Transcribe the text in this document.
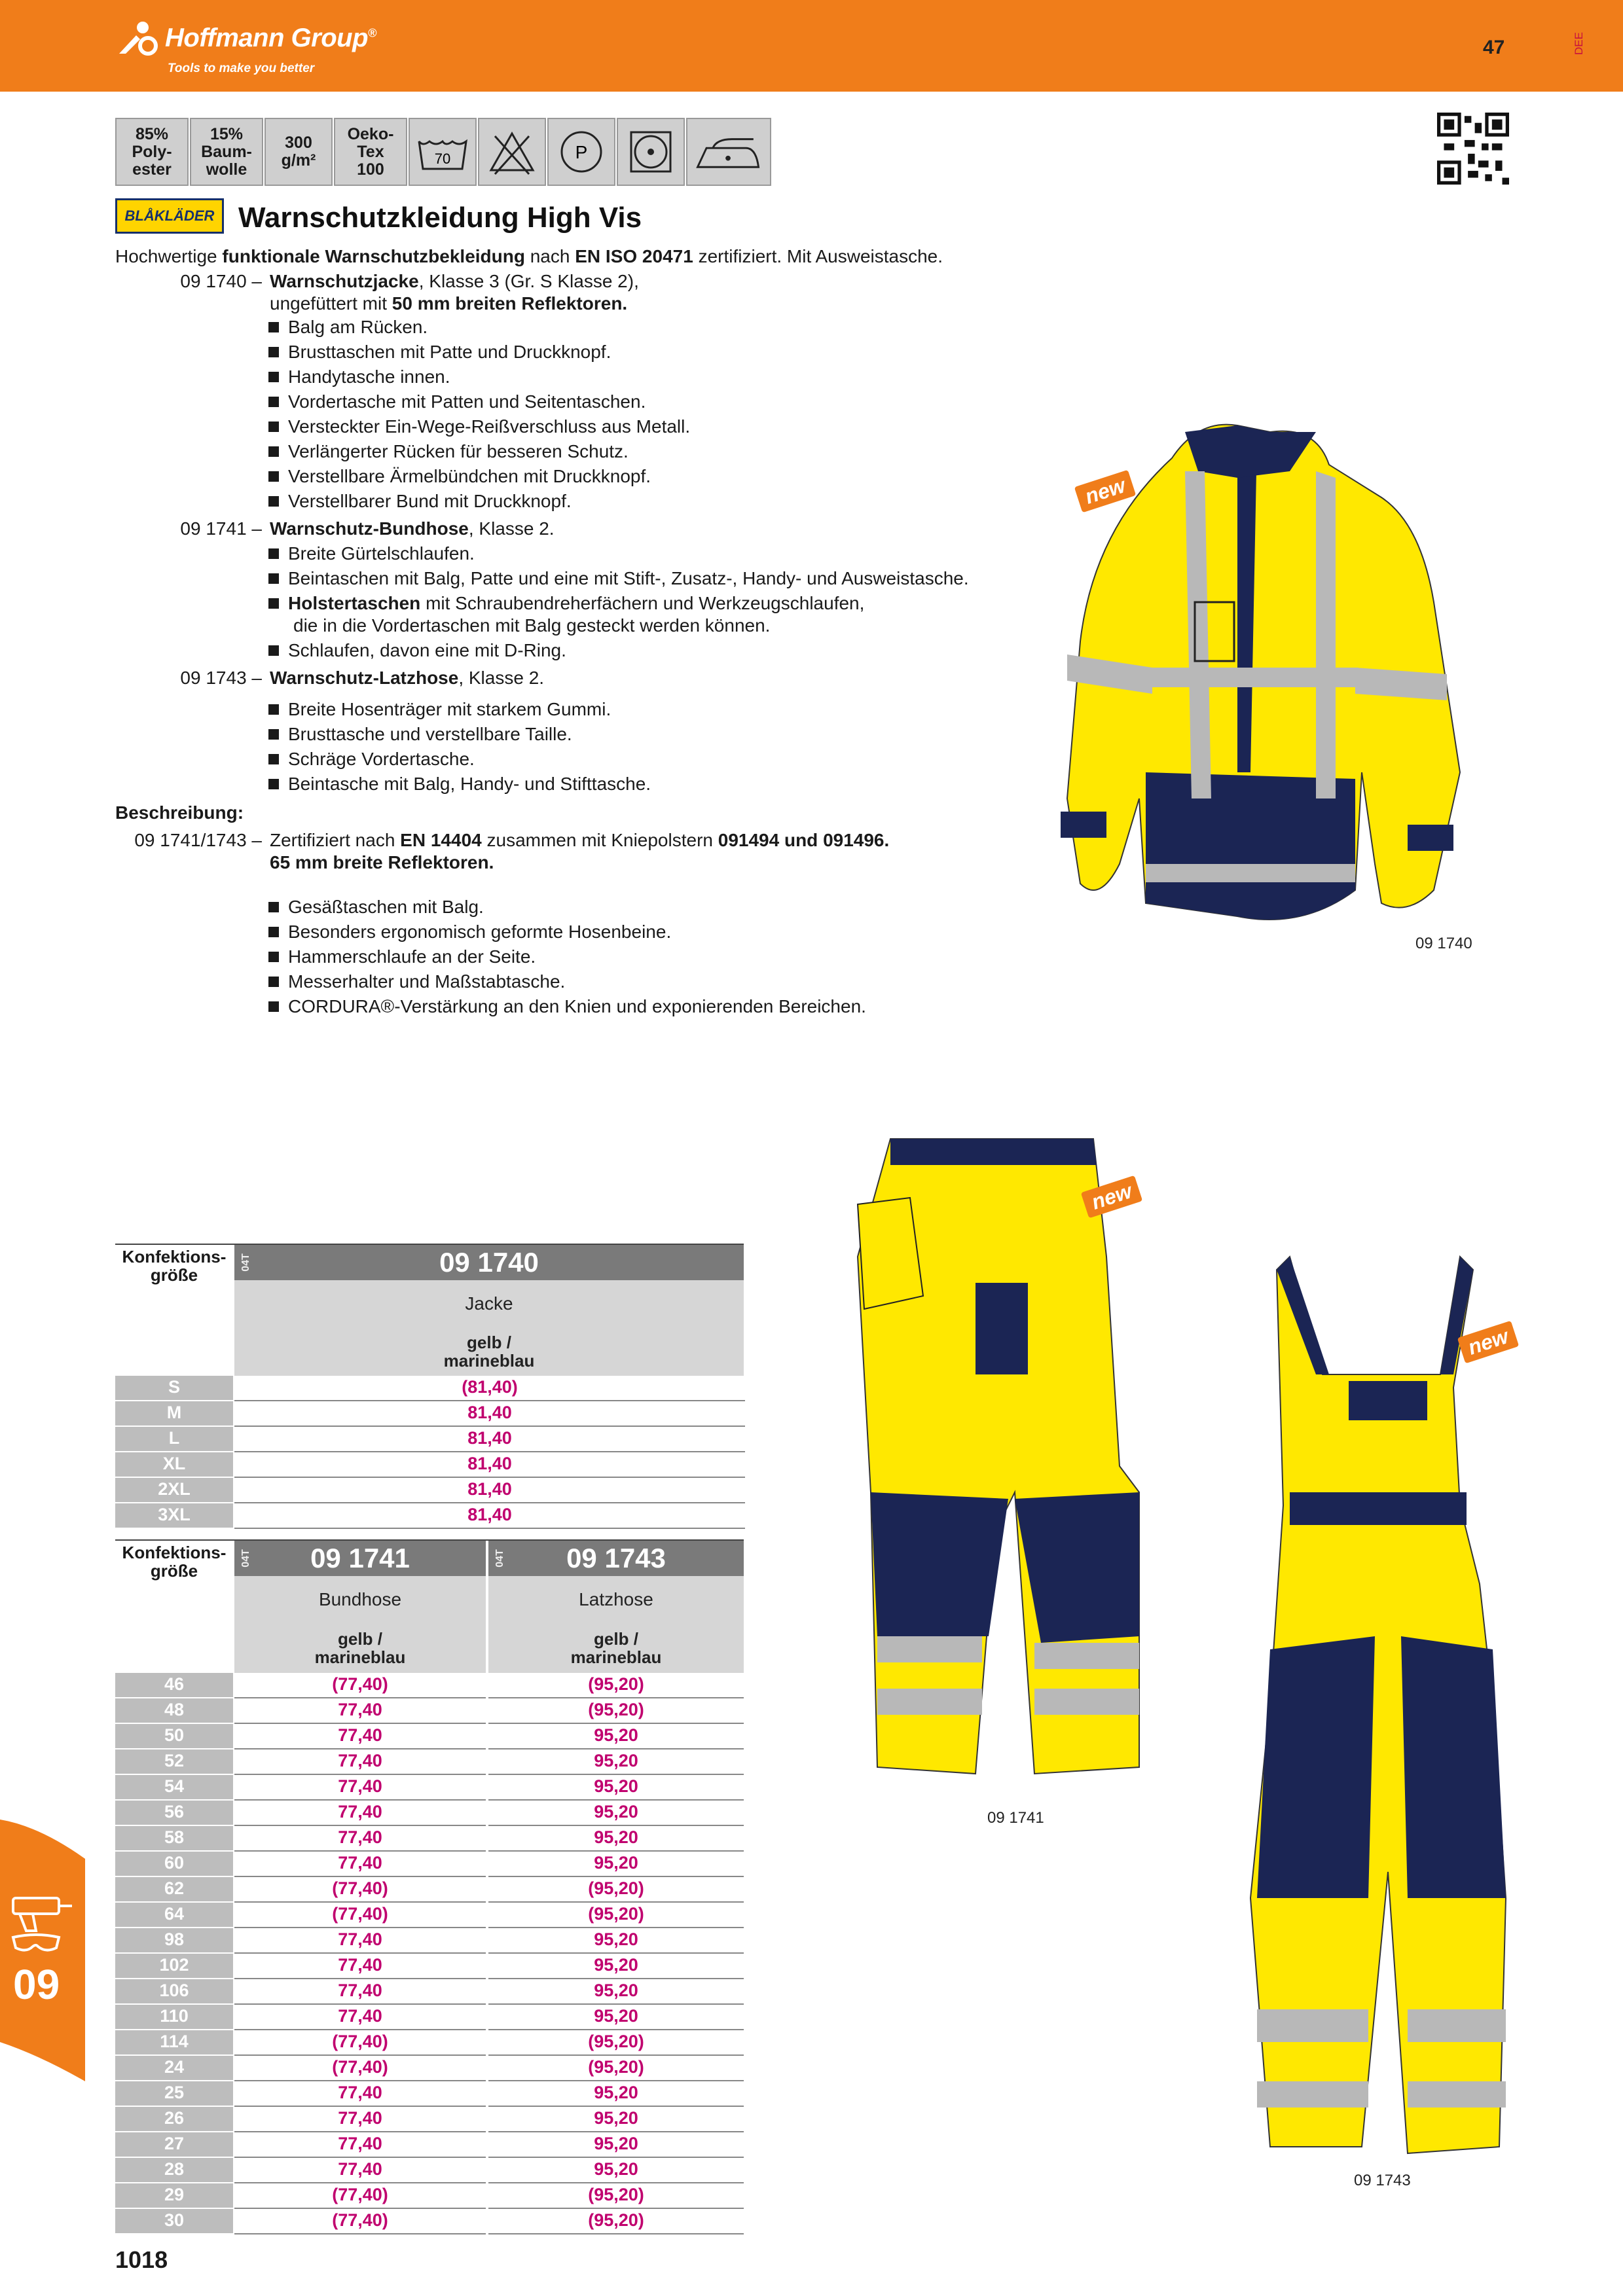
Hoffmann Group®
Tools to make you better
47	DEE
85%
Poly-
ester
15%
Baum-
wolle
300
g/m²
Oeko-
Tex
100
70	P
BLÅKLÄDER Warnschutzkleidung High Vis
Hochwertige funktionale Warnschutzbekleidung nach EN ISO 20471 zertifiziert. Mit Ausweistasche.
09 1740 – Warnschutzjacke, Klasse 3 (Gr. S Klasse 2),
ungefüttert mit 50 mm breiten Reflektoren.
Balg am Rücken.
Brusttaschen mit Patte und Druckknopf.
Handytasche innen.
Vordertasche mit Patten und Seitentaschen.
Versteckter Ein-Wege-Reißverschluss aus Metall.
Verlängerter Rücken für besseren Schutz.
Verstellbare Ärmelbündchen mit Druckknopf.
Verstellbarer Bund mit Druckknopf.
09 1741 – Warnschutz-Bundhose, Klasse 2.
Breite Gürtelschlaufen.
Beintaschen mit Balg, Patte und eine mit Stift-, Zusatz-, Handy- und Ausweistasche.
Holstertaschen mit Schraubendreherfächern und Werkzeugschlaufen,
die in die Vordertaschen mit Balg gesteckt werden können.
Schlaufen, davon eine mit D-Ring.
09 1743 – Warnschutz-Latzhose, Klasse 2.
Breite Hosenträger mit starkem Gummi.
Brusttasche und verstellbare Taille.
Schräge Vordertasche.
Beintasche mit Balg, Handy- und Stifttasche.
Beschreibung:
09 1741/1743 – Zertifiziert nach EN 14404 zusammen mit Kniepolstern 091494 und 091496.
65 mm breite Reflektoren.
Gesäßtaschen mit Balg.
Besonders ergonomisch geformte Hosenbeine.
Hammerschlaufe an der Seite.
Messerhalter und Maßstabtasche.
CORDURA®-Verstärkung an den Knien und exponierenden Bereichen.
new
09 1740
new
09 1741
new
09 1743
Konfektions-
größe
04T	09 1740
Jacke
gelb /
marineblau
S	(81,40)
M	81,40
L	81,40
XL	81,40
2XL	81,40
3XL	81,40
Konfektions-
größe
04T 09 1741	04T 09 1743
Bundhose	Latzhose
gelb /
marineblau
gelb /
marineblau
46	(77,40)	(95,20)
48	77,40	(95,20)
50	77,40	95,20
52	77,40	95,20
54	77,40	95,20
56	77,40	95,20
58	77,40	95,20
60	77,40	95,20
62	(77,40)	(95,20)
64	(77,40)	(95,20)
98	77,40	95,20
102	77,40	95,20
106	77,40	95,20
110	77,40	95,20
114	(77,40)	(95,20)
24	(77,40)	(95,20)
25	77,40	95,20
26	77,40	95,20
27	77,40	95,20
28	77,40	95,20
29	(77,40)	(95,20)
30	(77,40)	(95,20)
09
1018
